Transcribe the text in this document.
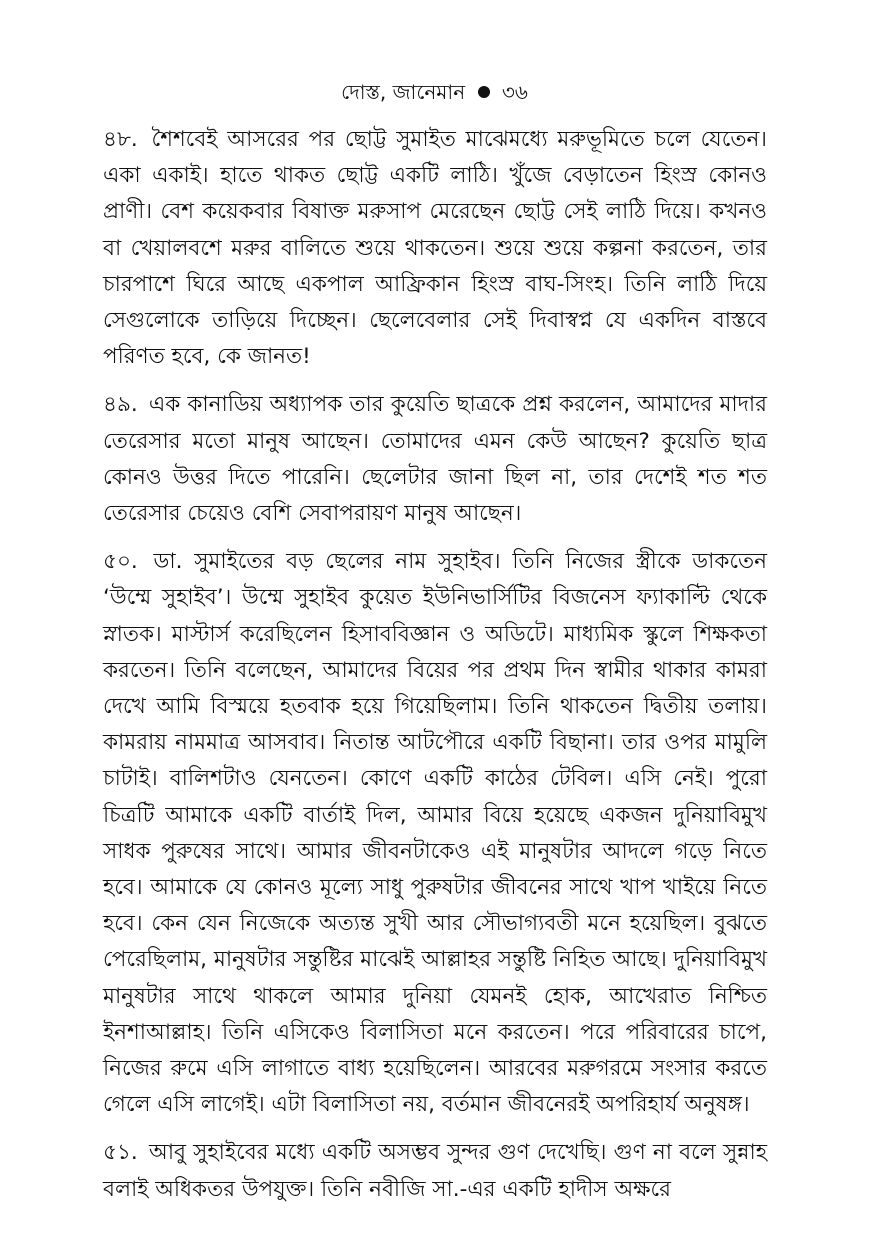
দোস্ত, জানেমান ৩৬

৪৮. শৈশবেই আসরের পর ছোট্ট সুমাইত মাঝেমধ্যে মরুভূমিতে চলে যেতেন। একা একাই। হাতে থাকত ছোট্ট একটি লাঠি। খুঁজে বেড়াতেন হিংস্র কোনও প্রাণী। বেশ কয়েকবার বিষাক্ত মরুসাপ মেরেছেন ছোট্ট সেই লাঠি দিয়ে। কখনও বা খেয়ালবশে মরুর বালিতে শুয়ে থাকতেন। শুয়ে শুয়ে কল্পনা করতেন, তার চারপাশে ঘিরে আছে একপাল আফ্রিকান হিংস্র বাঘ-সিংহ। তিনি লাঠি দিয়ে সেগুলোকে তাড়িয়ে দিচ্ছেন। ছেলেবেলার সেই দিবাস্বপ্ন যে একদিন বাস্তবে পরিণত হবে, কে জানত!

৪৯. এক কানাডিয় অধ্যাপক তার কুয়েতি ছাত্রকে প্রশ্ন করলেন, আমাদের মাদার তেরেসার মতো মানুষ আছেন। তোমাদের এমন কেউ আছেন? কুয়েতি ছাত্র কোনও উত্তর দিতে পারেনি। ছেলেটার জানা ছিল না, তার দেশেই শত শত তেরেসার চেয়েও বেশি সেবাপরায়ণ মানুষ আছেন।

৫০. ডা. সুমাইতের বড় ছেলের নাম সুহাইব। তিনি নিজের স্ত্রীকে ডাকতেন ‘উম্মে সুহাইব’। উম্মে সুহাইব কুয়েত ইউনিভার্সিটির বিজনেস ফ্যাকাল্টি থেকে স্নাতক। মাস্টার্স করেছিলেন হিসাববিজ্ঞান ও অডিটে। মাধ্যমিক স্কুলে শিক্ষকতা করতেন। তিনি বলেছেন, আমাদের বিয়ের পর প্রথম দিন স্বামীর থাকার কামরা দেখে আমি বিস্ময়ে হতবাক হয়ে গিয়েছিলাম। তিনি থাকতেন দ্বিতীয় তলায়। কামরায় নামমাত্র আসবাব। নিতান্ত আটপৌরে একটি বিছানা। তার ওপর মামুলি চাটাই। বালিশটাও যেনতেন। কোণে একটি কাঠের টেবিল। এসি নেই। পুরো চিত্রটি আমাকে একটি বার্তাই দিল, আমার বিয়ে হয়েছে একজন দুনিয়াবিমুখ সাধক পুরুষের সাথে। আমার জীবনটাকেও এই মানুষটার আদলে গড়ে নিতে হবে। আমাকে যে কোনও মূল্যে সাধু পুরুষটার জীবনের সাথে খাপ খাইয়ে নিতে হবে। কেন যেন নিজেকে অত্যন্ত সুখী আর সৌভাগ্যবতী মনে হয়েছিল। বুঝতে পেরেছিলাম, মানুষটার সন্তুষ্টির মাঝেই আল্লাহর সন্তুষ্টি নিহিত আছে। দুনিয়াবিমুখ মানুষটার সাথে থাকলে আমার দুনিয়া যেমনই হোক, আখেরাত নিশ্চিত ইনশাআল্লাহ। তিনি এসিকেও বিলাসিতা মনে করতেন। পরে পরিবারের চাপে, নিজের রুমে এসি লাগাতে বাধ্য হয়েছিলেন। আরবের মরুগরমে সংসার করতে গেলে এসি লাগেই। এটা বিলাসিতা নয়, বর্তমান জীবনেরই অপরিহার্য অনুষঙ্গ।

৫১. আবু সুহাইবের মধ্যে একটি অসম্ভব সুন্দর গুণ দেখেছি। গুণ না বলে সুন্নাহ বলাই অধিকতর উপযুক্ত। তিনি নবীজি সা.-এর একটি হাদীস অক্ষরে
